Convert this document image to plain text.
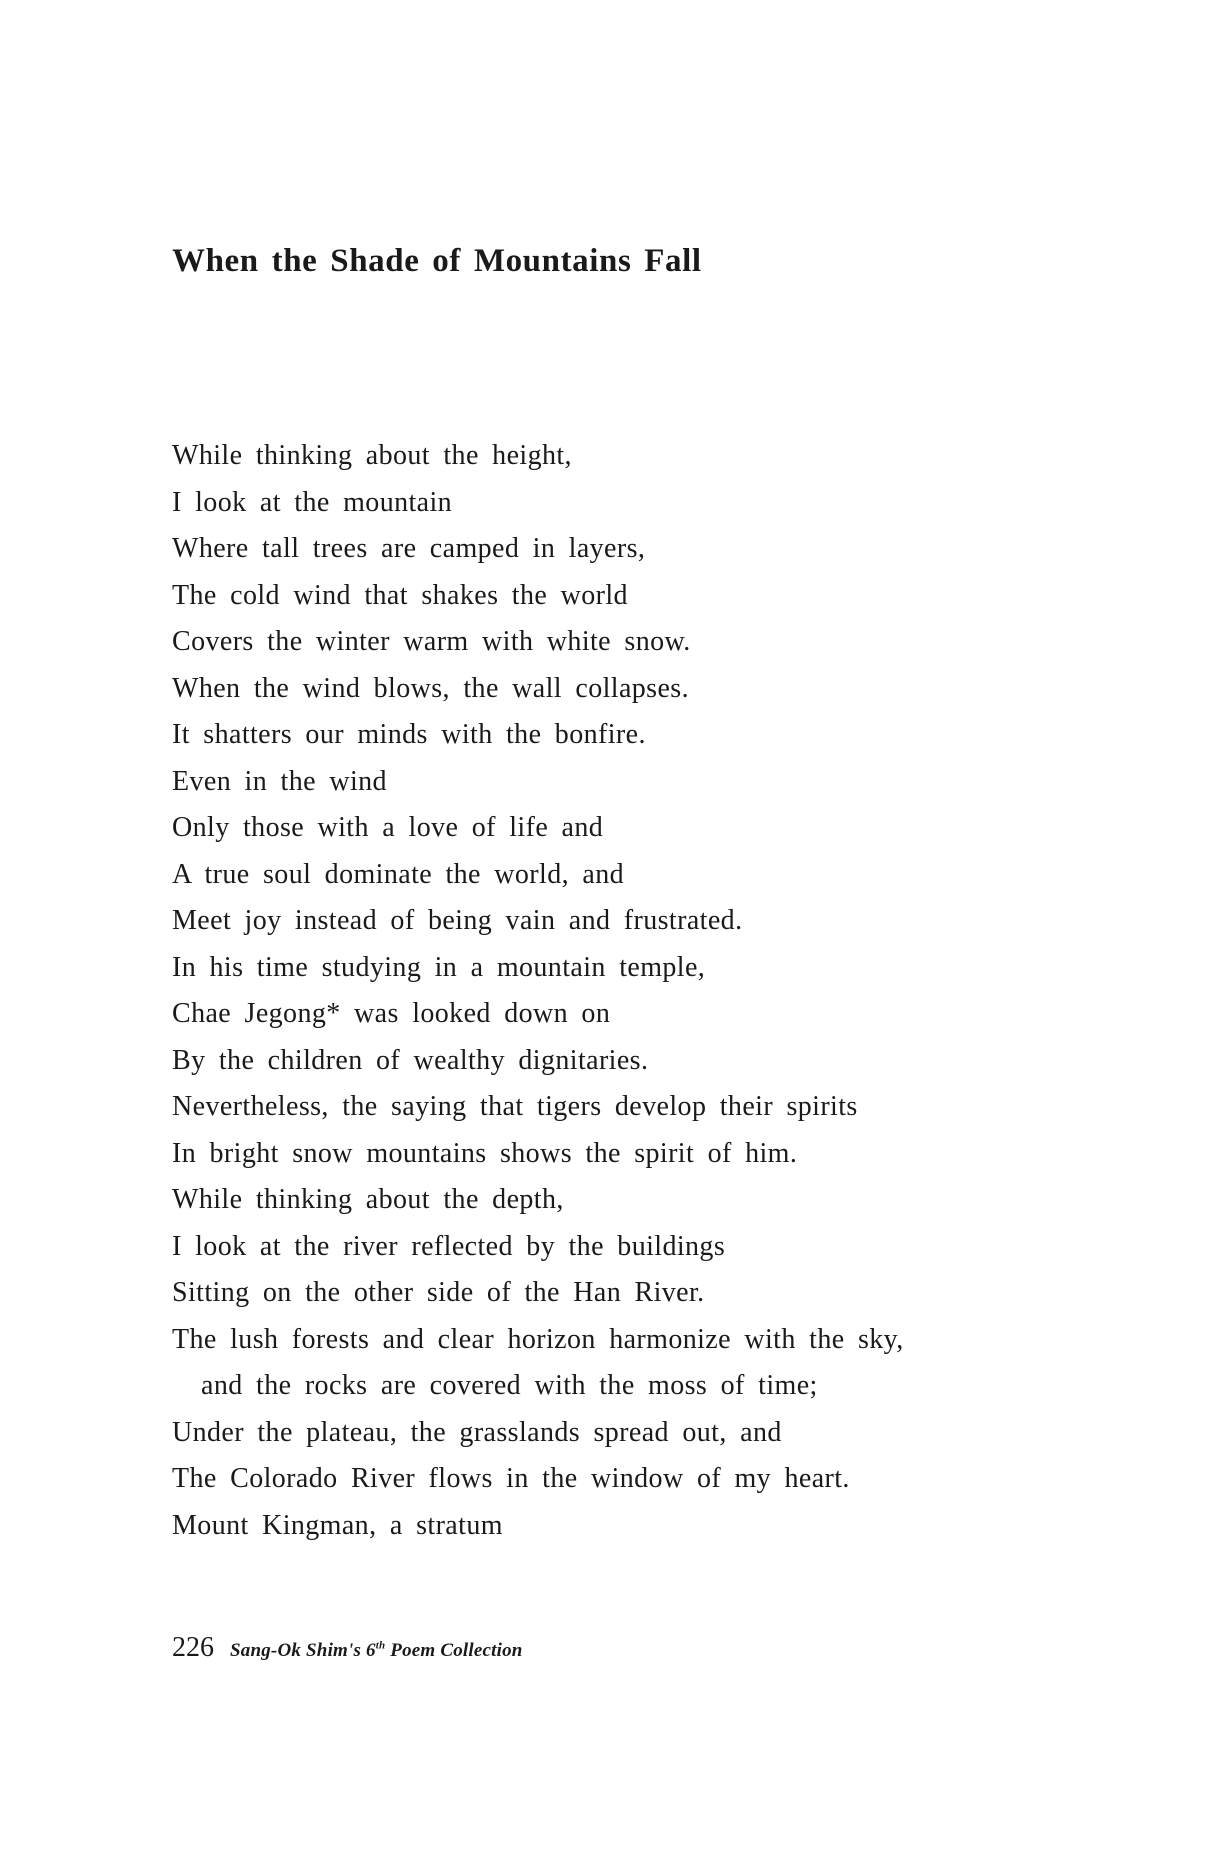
When the Shade of Mountains Fall
While thinking about the height,
I look at the mountain
Where tall trees are camped in layers,
The cold wind that shakes the world
Covers the winter warm with white snow.
When the wind blows, the wall collapses.
It shatters our minds with the bonfire.
Even in the wind
Only those with a love of life and
A true soul dominate the world, and
Meet joy instead of being vain and frustrated.
In his time studying in a mountain temple,
Chae Jegong* was looked down on
By the children of wealthy dignitaries.
Nevertheless, the saying that tigers develop their spirits
In bright snow mountains shows the spirit of him.
While thinking about the depth,
I look at the river reflected by the buildings
Sitting on the other side of the Han River.
The lush forests and clear horizon harmonize with the sky,
and the rocks are covered with the moss of time;
Under the plateau, the grasslands spread out, and
The Colorado River flows in the window of my heart.
Mount Kingman, a stratum
226 Sang-Ok Shim's 6th Poem Collection
